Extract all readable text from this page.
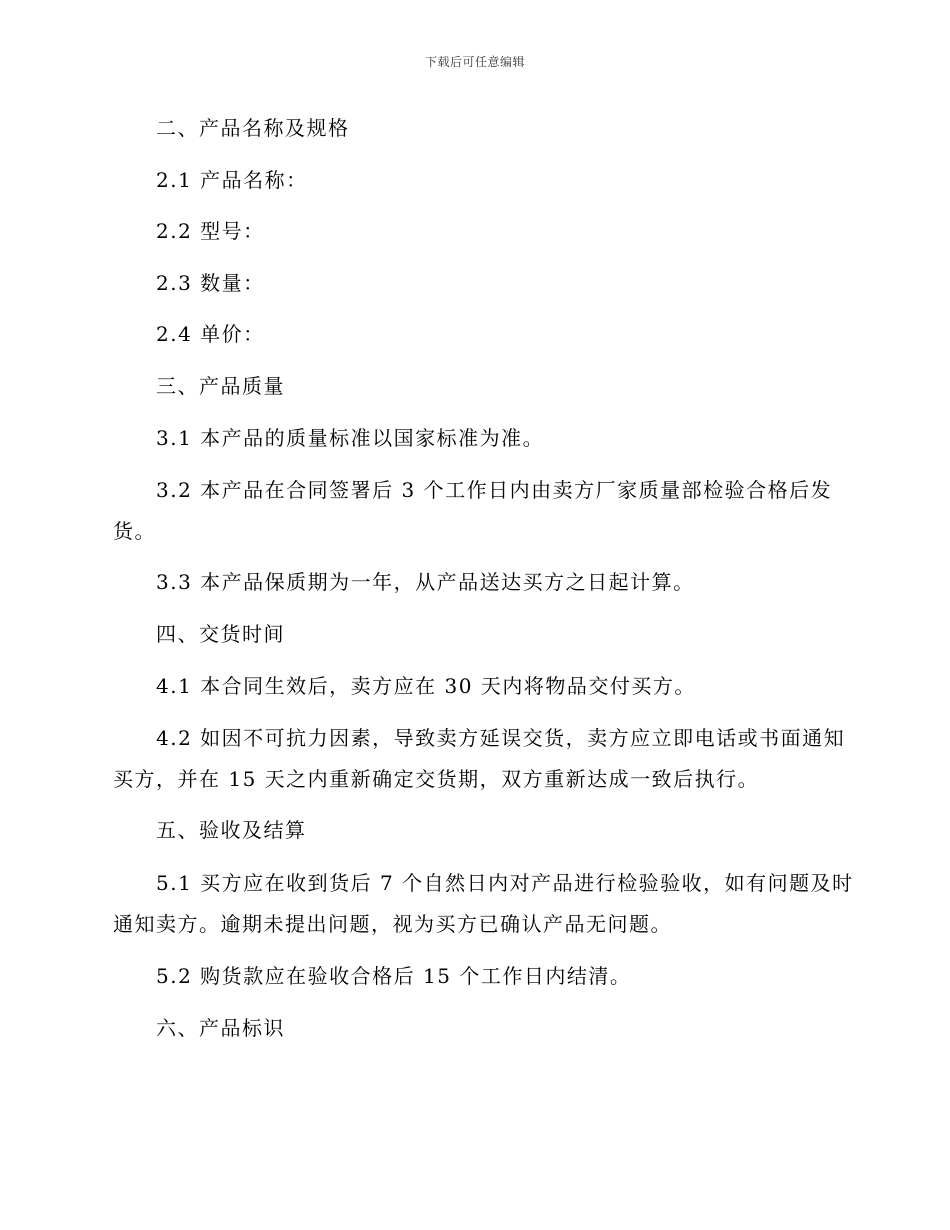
下载后可任意编辑
二、产品名称及规格
2.1 产品名称：
2.2 型号：
2.3 数量：
2.4 单价：
三、产品质量
3.1 本产品的质量标准以国家标准为准。
3.2 本产品在合同签署后 3 个工作日内由卖方厂家质量部检验合格后发
货。
3.3 本产品保质期为一年，从产品送达买方之日起计算。
四、交货时间
4.1 本合同生效后，卖方应在 30 天内将物品交付买方。
4.2 如因不可抗力因素，导致卖方延误交货，卖方应立即电话或书面通知
买方，并在 15 天之内重新确定交货期，双方重新达成一致后执行。
五、验收及结算
5.1 买方应在收到货后 7 个自然日内对产品进行检验验收，如有问题及时
通知卖方。逾期未提出问题，视为买方已确认产品无问题。
5.2 购货款应在验收合格后 15 个工作日内结清。
六、产品标识
